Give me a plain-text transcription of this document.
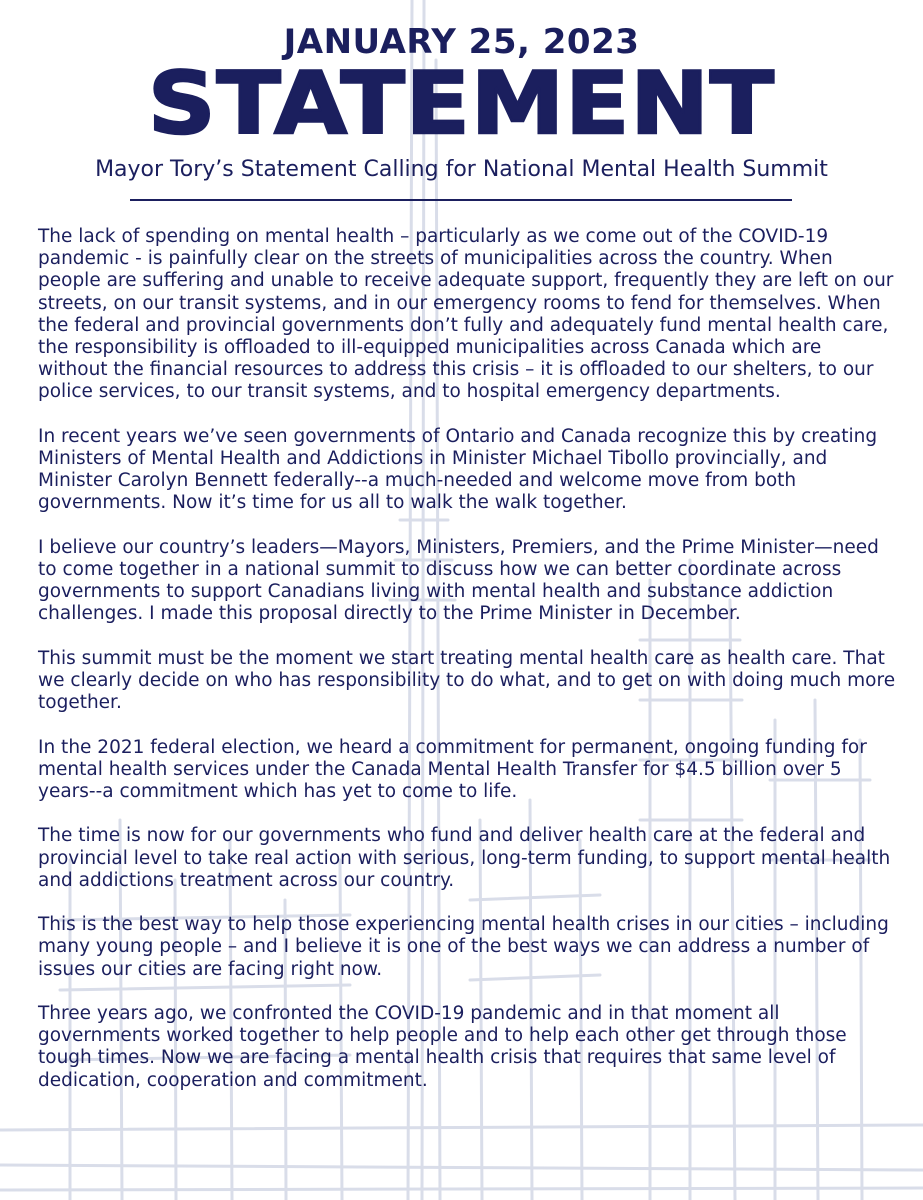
JANUARY 25, 2023
STATEMENT
Mayor Tory’s Statement Calling for National Mental Health Summit

The lack of spending on mental health – particularly as we come out of the COVID-19 pandemic - is painfully clear on the streets of municipalities across the country. When people are suffering and unable to receive adequate support, frequently they are left on our streets, on our transit systems, and in our emergency rooms to fend for themselves. When the federal and provincial governments don’t fully and adequately fund mental health care, the responsibility is offloaded to ill-equipped municipalities across Canada which are without the financial resources to address this crisis – it is offloaded to our shelters, to our police services, to our transit systems, and to hospital emergency departments.

In recent years we’ve seen governments of Ontario and Canada recognize this by creating Ministers of Mental Health and Addictions in Minister Michael Tibollo provincially, and Minister Carolyn Bennett federally--a much-needed and welcome move from both governments. Now it’s time for us all to walk the walk together.

I believe our country’s leaders—Mayors, Ministers, Premiers, and the Prime Minister—need to come together in a national summit to discuss how we can better coordinate across governments to support Canadians living with mental health and substance addiction challenges. I made this proposal directly to the Prime Minister in December.

This summit must be the moment we start treating mental health care as health care. That we clearly decide on who has responsibility to do what, and to get on with doing much more together.

In the 2021 federal election, we heard a commitment for permanent, ongoing funding for mental health services under the Canada Mental Health Transfer for $4.5 billion over 5 years--a commitment which has yet to come to life.

The time is now for our governments who fund and deliver health care at the federal and provincial level to take real action with serious, long-term funding, to support mental health and addictions treatment across our country.

This is the best way to help those experiencing mental health crises in our cities – including many young people – and I believe it is one of the best ways we can address a number of issues our cities are facing right now.

Three years ago, we confronted the COVID-19 pandemic and in that moment all governments worked together to help people and to help each other get through those tough times. Now we are facing a mental health crisis that requires that same level of dedication, cooperation and commitment.
